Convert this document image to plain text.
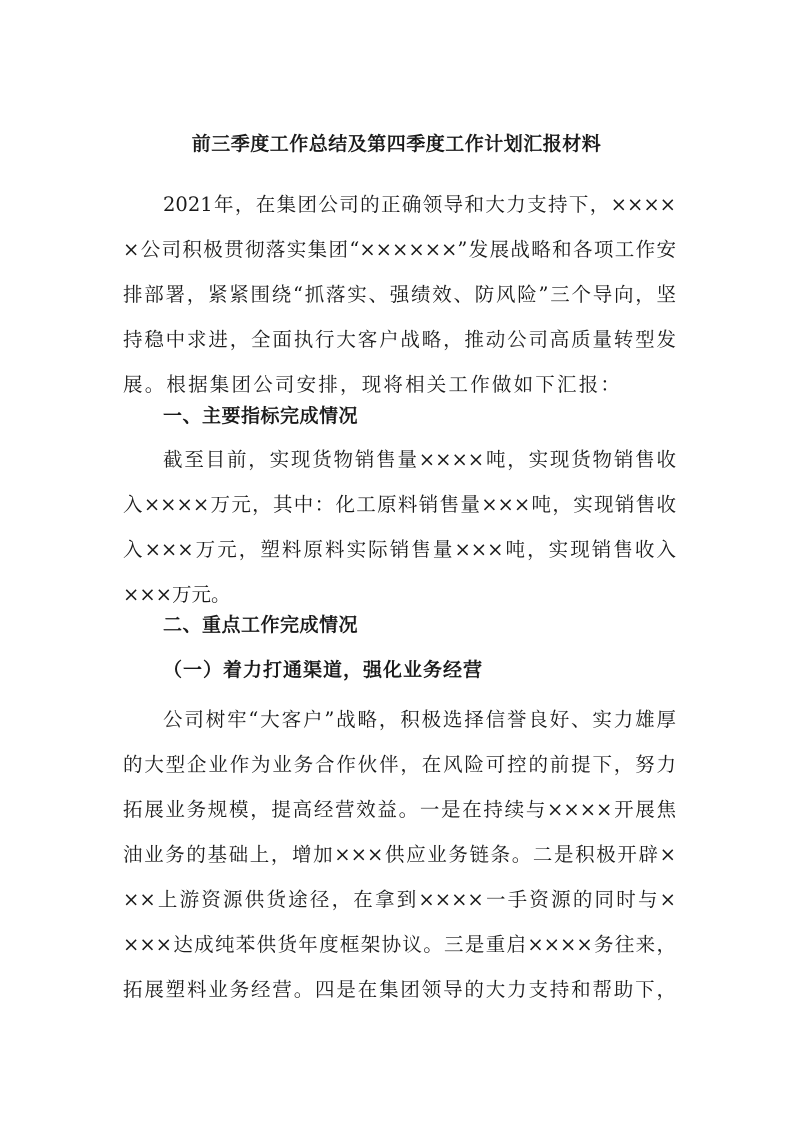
前三季度工作总结及第四季度工作计划汇报材料

2021年，在集团公司的正确领导和大力支持下，××××

×公司积极贯彻落实集团“××××××”发展战略和各项工作安

排部署，紧紧围绕“抓落实、强绩效、防风险”三个导向，坚

持稳中求进，全面执行大客户战略，推动公司高质量转型发

展。根据集团公司安排，现将相关工作做如下汇报：

一、主要指标完成情况

截至目前，实现货物销售量××××吨，实现货物销售收

入××××万元，其中：化工原料销售量×××吨，实现销售收

入×××万元，塑料原料实际销售量×××吨，实现销售收入

×××万元。

二、重点工作完成情况
（一）着力打通渠道，强化业务经营

公司树牢“大客户”战略，积极选择信誉良好、实力雄厚

的大型企业作为业务合作伙伴，在风险可控的前提下，努力

拓展业务规模，提高经营效益。一是在持续与××××开展焦

油业务的基础上，增加×××供应业务链条。二是积极开辟×

××上游资源供货途径，在拿到××××一手资源的同时与×

×××达成纯苯供货年度框架协议。三是重启××××务往来，

拓展塑料业务经营。四是在集团领导的大力支持和帮助下，
